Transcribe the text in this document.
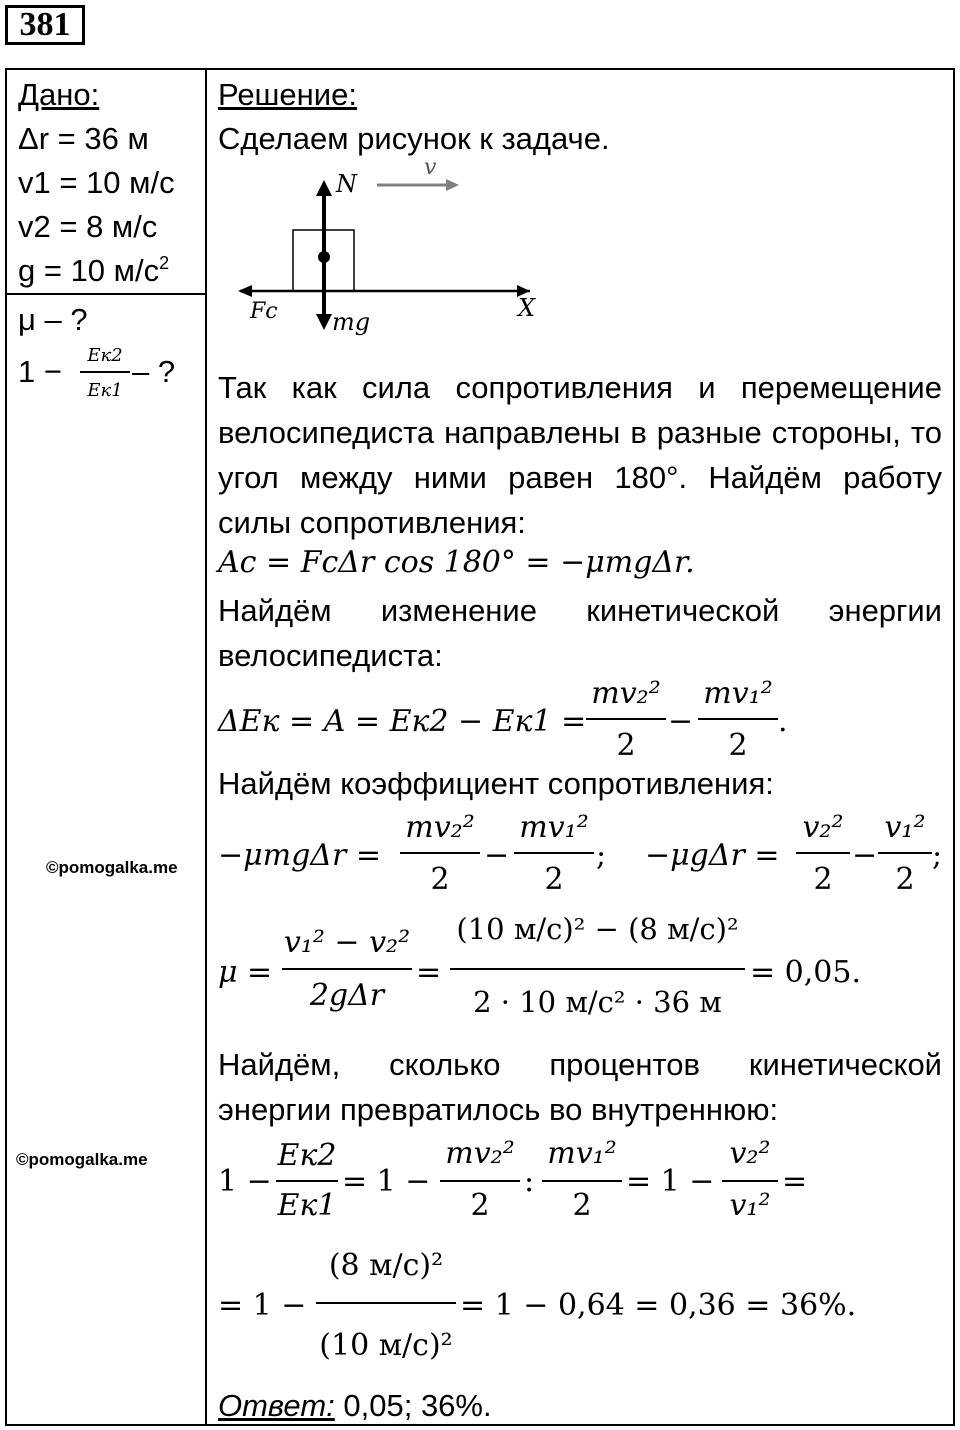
381
Дано:
Δr = 36 м
v1 = 10 м/с
v2 = 8 м/с
g = 10 $м/с^2$
μ – ?
1 −	Eк2
Eк1
– ?
©pomogalka.me
©pomogalka.me
Решение:
Сделаем рисунок к задаче.
N
v
Fc mg	X
Так как сила сопротивления и перемещение велосипедиста направлены в разные стороны, то угол между ними равен 180°. Найдём работу силы сопротивления:
Aс = FсΔr cos 180° = −μmgΔr.
Найдём изменение кинетической энергии велосипедиста:
ΔEк = A = Eк2 − Eк1 =
mv₂²
2
−
mv₁²
2
.
Найдём коэффициент сопротивления:
−μmgΔr =
mv₂²
2
−
mv₁²
2
; −μgΔr =
v₂²
2
−
v₁²
2
;
μ =
v₁² − v₂²
2gΔr
=
(10 м/с)² − (8 м/с)²
2 · 10 м/с² · 36 м
= 0,05.
Найдём, сколько процентов кинетической энергии превратилось во внутреннюю:
1 −
Eк2
Eк1
= 1 −
mv₂²
2
:
mv₁²
2
= 1 −
v₂²
v₁²
=
= 1 −
(8 м/с)²
(10 м/с)²
= 1 − 0,64 = 0,36 = 36%.
Ответ: 0,05; 36%.
